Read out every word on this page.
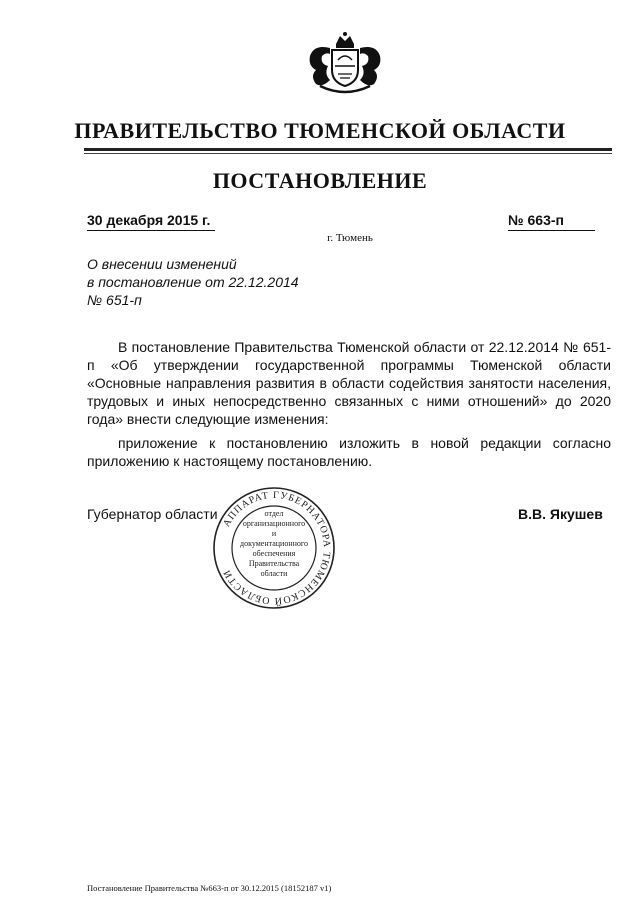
ПРАВИТЕЛЬСТВО ТЮМЕНСКОЙ ОБЛАСТИ
ПОСТАНОВЛЕНИЕ
30 декабря 2015 г.	№ 663-п
г. Тюмень
О внесении изменений
в постановление от 22.12.2014
№ 651-п

В постановление Правительства Тюменской области от 22.12.2014 № 651-п «Об утверждении государственной программы Тюменской области «Основные направления развития в области содействия занятости населения, трудовых и иных непосредственно связанных с ними отношений» до 2020 года» внести следующие изменения:

приложение к постановлению изложить в новой редакции согласно приложению к настоящему постановлению.

Губернатор области	В.В. Якушев
АППАРАТ ГУБЕРНАТОРА ТЮМЕНСКОЙ ОБЛАСТИ
отдел
организационного
и
документационного
обеспечения
Правительства
области
Постановление Правительства №663-п от 30.12.2015 (18152187 v1)
